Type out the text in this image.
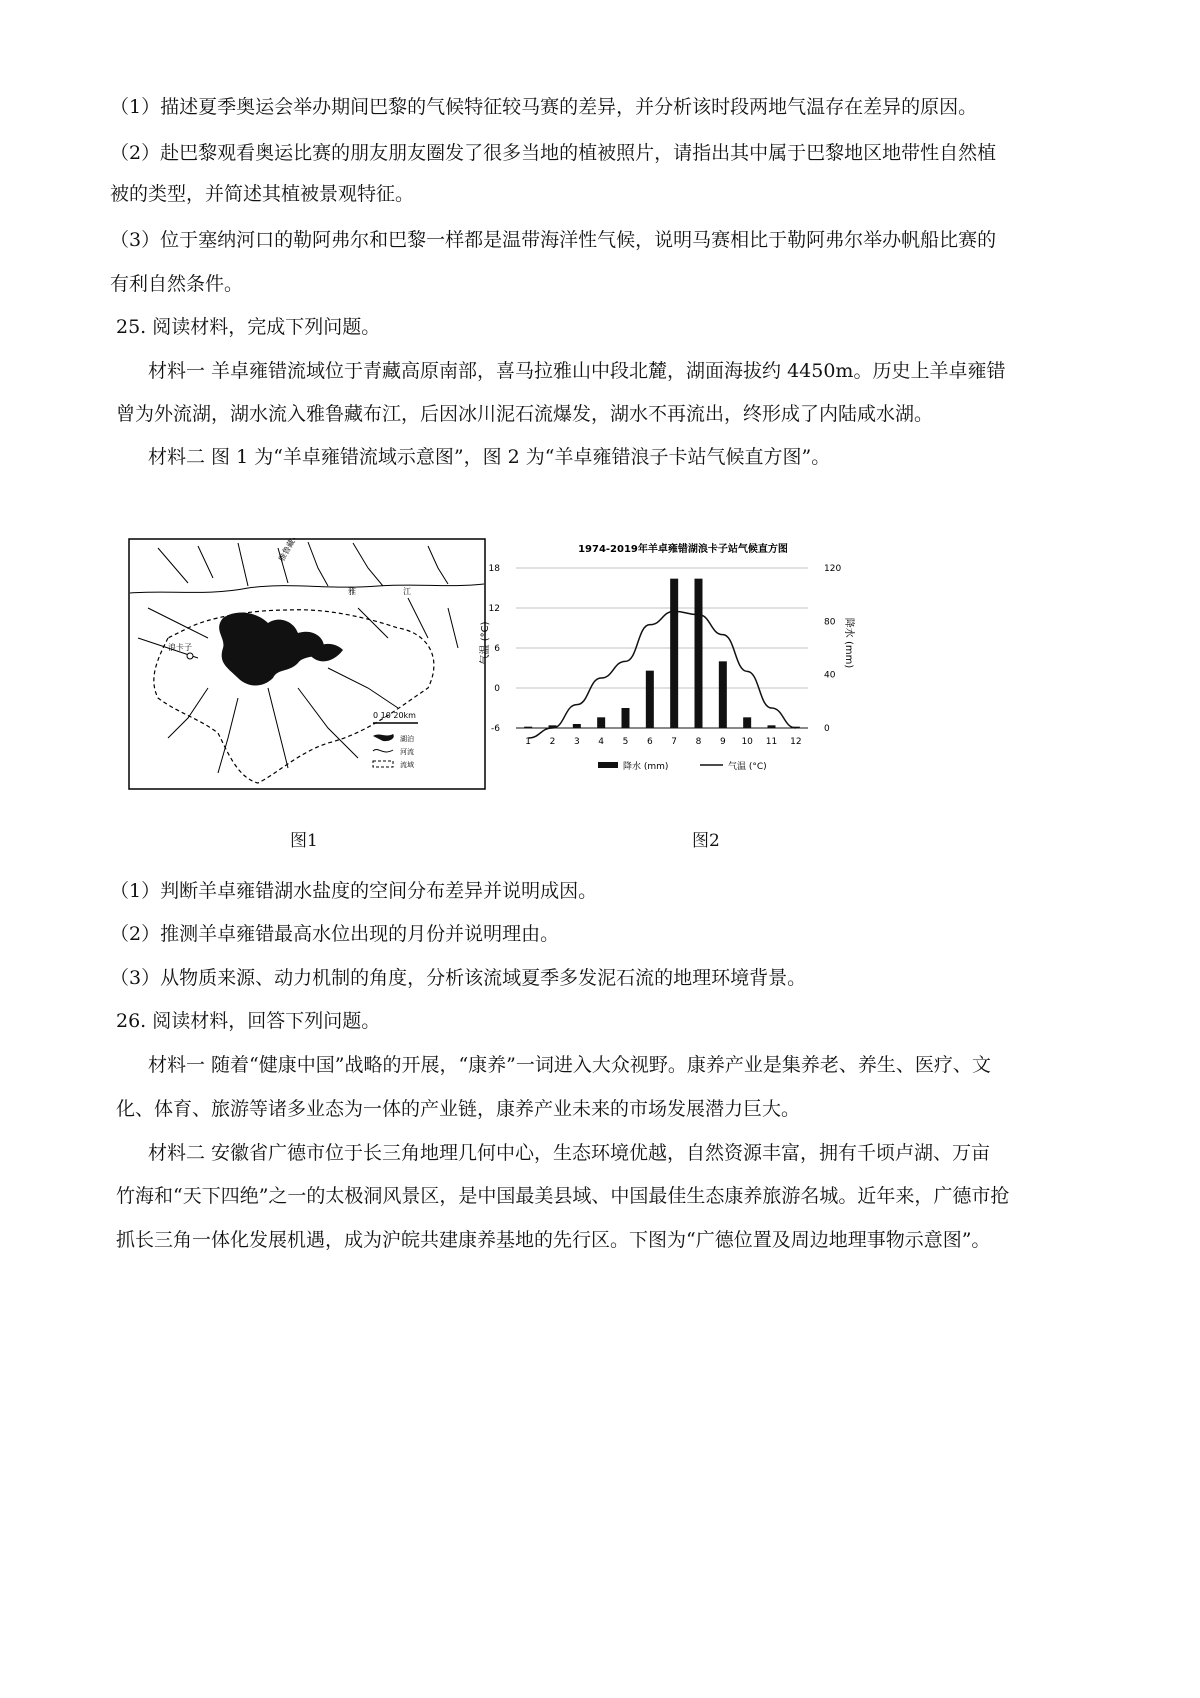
（1）描述夏季奥运会举办期间巴黎的气候特征较马赛的差异，并分析该时段两地气温存在差异的原因。
（2）赴巴黎观看奥运比赛的朋友朋友圈发了很多当地的植被照片，请指出其中属于巴黎地区地带性自然植
被的类型，并简述其植被景观特征。
（3）位于塞纳河口的勒阿弗尔和巴黎一样都是温带海洋性气候，说明马赛相比于勒阿弗尔举办帆船比赛的
有利自然条件。
25. 阅读材料，完成下列问题。
材料一 羊卓雍错流域位于青藏高原南部，喜马拉雅山中段北麓，湖面海拔约 4450m。历史上羊卓雍错
曾为外流湖，湖水流入雅鲁藏布江，后因冰川泥石流爆发，湖水不再流出，终形成了内陆咸水湖。
材料二 图 1 为“羊卓雍错流域示意图”，图 2 为“羊卓雍错浪子卡站气候直方图”。
浪卡子
雅鲁藏布江
雅	江
0 10 20km
湖泊
河流
流域
1974-2019年羊卓雍错湖浪卡子站气候直方图
气温 (°C)	降水 (mm)
18
12
6
0
-6
120
80
40
0
1 2 3 4 5 6 7 8 9 10 11 12
降水 (mm)	气温 (°C)
图1	图2
（1）判断羊卓雍错湖水盐度的空间分布差异并说明成因。
（2）推测羊卓雍错最高水位出现的月份并说明理由。
（3）从物质来源、动力机制的角度，分析该流域夏季多发泥石流的地理环境背景。
26. 阅读材料，回答下列问题。
材料一 随着“健康中国”战略的开展，“康养”一词进入大众视野。康养产业是集养老、养生、医疗、文
化、体育、旅游等诸多业态为一体的产业链，康养产业未来的市场发展潜力巨大。
材料二 安徽省广德市位于长三角地理几何中心，生态环境优越，自然资源丰富，拥有千顷卢湖、万亩
竹海和“天下四绝”之一的太极洞风景区，是中国最美县域、中国最佳生态康养旅游名城。近年来，广德市抢
抓长三角一体化发展机遇，成为沪皖共建康养基地的先行区。下图为“广德位置及周边地理事物示意图”。
